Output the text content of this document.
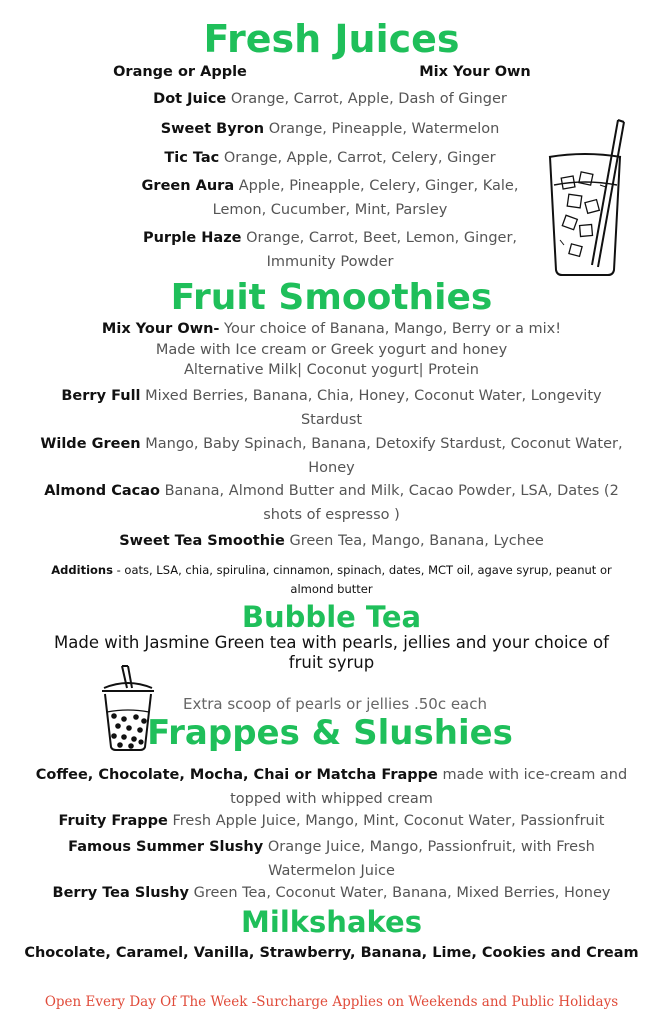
Fresh Juices
Orange or Apple	Mix Your Own
Dot Juice Orange, Carrot, Apple, Dash of Ginger
Sweet Byron Orange, Pineapple, Watermelon
Tic Tac Orange, Apple, Carrot, Celery, Ginger
Green Aura Apple, Pineapple, Celery, Ginger, Kale,
Lemon, Cucumber, Mint, Parsley
Purple Haze Orange, Carrot, Beet, Lemon, Ginger,
Immunity Powder
Fruit Smoothies
Mix Your Own- Your choice of Banana, Mango, Berry or a mix!
Made with Ice cream or Greek yogurt and honey
Alternative Milk| Coconut yogurt| Protein
Berry Full Mixed Berries, Banana, Chia, Honey, Coconut Water, Longevity
Stardust
Wilde Green Mango, Baby Spinach, Banana, Detoxify Stardust, Coconut Water,
Honey
Almond Cacao Banana, Almond Butter and Milk, Cacao Powder, LSA, Dates (2
shots of espresso )
Sweet Tea Smoothie Green Tea, Mango, Banana, Lychee
Additions - oats, LSA, chia, spirulina, cinnamon, spinach, dates, MCT oil, agave syrup, peanut or
almond butter
Bubble Tea
Made with Jasmine Green tea with pearls, jellies and your choice of
fruit syrup
Extra scoop of pearls or jellies .50c each
Frappes & Slushies
Coffee, Chocolate, Mocha, Chai or Matcha Frappe made with ice-cream and
topped with whipped cream
Fruity Frappe Fresh Apple Juice, Mango, Mint, Coconut Water, Passionfruit
Famous Summer Slushy Orange Juice, Mango, Passionfruit, with Fresh
Watermelon Juice
Berry Tea Slushy Green Tea, Coconut Water, Banana, Mixed Berries, Honey
Milkshakes
Chocolate, Caramel, Vanilla, Strawberry, Banana, Lime, Cookies and Cream
Open Every Day Of The Week -Surcharge Applies on Weekends and Public Holidays
